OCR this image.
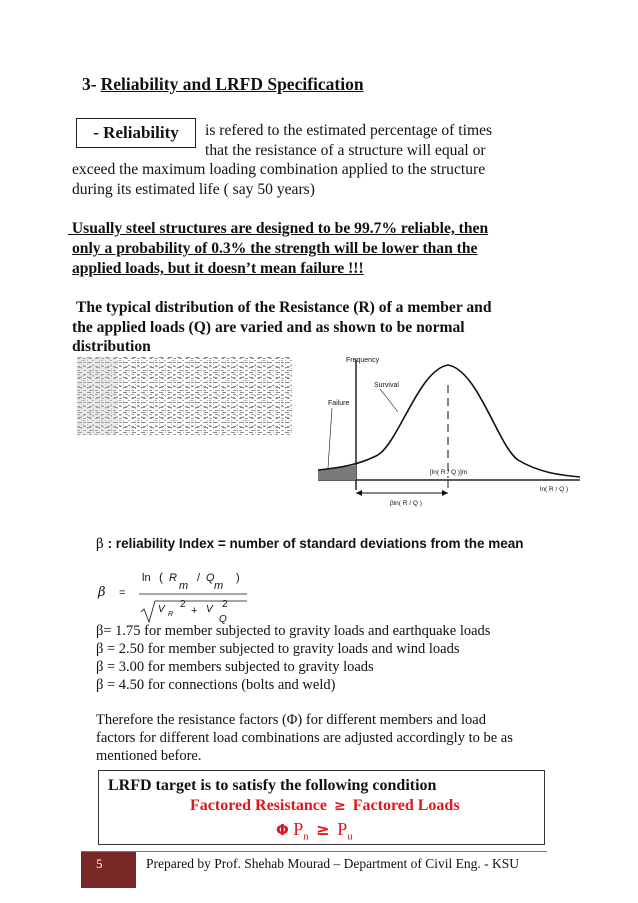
3- Reliability and LRFD Specification
- Reliability	is refered to the estimated percentage of times
that the resistance of a structure will equal or
exceed the maximum loading combination applied to the structure
during its estimated life ( say 50 years)
Usually steel structures are designed to be 99.7% reliable, then
only a probability of 0.3% the strength will be lower than the
applied loads, but it doesn’t mean failure !!!
The typical distribution of the Resistance (R) of a member and
the applied loads (Q) are varied and as shown to be normal
distribution
Frequency
Survival
Failure
[ln( R / Q )]m
ln( R / Q )
βln( R / Q )
β : reliability Index = number of standard deviations from the mean
β =
ln ( R
m
/ Q
m
)
V R
2
+ V 2
Q
β= 1.75 for member subjected to gravity loads and earthquake loads
β = 2.50 for member subjected to gravity loads and wind loads
β = 3.00 for members subjected to gravity loads
β = 4.50 for connections (bolts and weld)
Therefore the resistance factors (Φ) for different members and load
factors for different load combinations are adjusted accordingly to be as
mentioned before.
LRFD target is to satisfy the following condition
Factored Resistance ≥ Factored Loads
Φ $P_n \ge P_u$
5	Prepared by Prof. Shehab Mourad – Department of Civil Eng. - KSU
